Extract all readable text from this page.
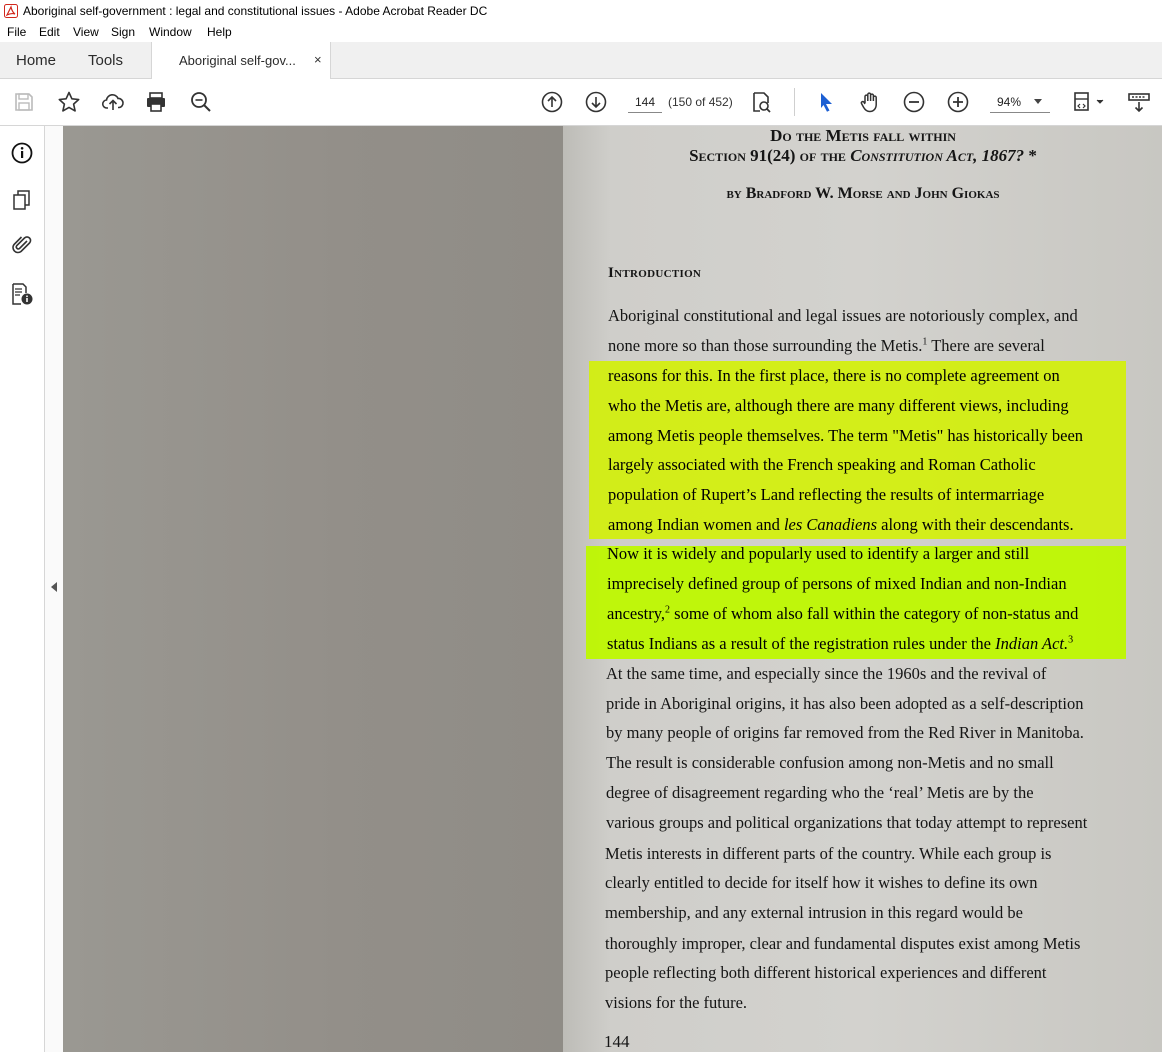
Aboriginal self-government : legal and constitutional issues - Adobe Acrobat Reader DC
File Edit View Sign Window Help
Home Tools	Aboriginal self-gov... ×
144
(150 of 452)	94%
Do the Metis fall within
Section 91(24) of the Constitution Act, 1867? *
by Bradford W. Morse and John Giokas
Introduction
Aboriginal constitutional and legal issues are notoriously complex, and
none more so than those surrounding the Metis.$^1$ There are several
reasons for this. In the first place, there is no complete agreement on
who the Metis are, although there are many different views, including
among Metis people themselves. The term "Metis" has historically been
largely associated with the French speaking and Roman Catholic
population of Rupert’s Land reflecting the results of intermarriage
among Indian women and les Canadiens along with their descendants.
Now it is widely and popularly used to identify a larger and still
imprecisely defined group of persons of mixed Indian and non-Indian
ancestry,$^2$ some of whom also fall within the category of non-status and
status Indians as a result of the registration rules under the Indian Act.$^3$
At the same time, and especially since the 1960s and the revival of
pride in Aboriginal origins, it has also been adopted as a self-description
by many people of origins far removed from the Red River in Manitoba.
The result is considerable confusion among non-Metis and no small
degree of disagreement regarding who the ‘real’ Metis are by the
various groups and political organizations that today attempt to represent
Metis interests in different parts of the country. While each group is
clearly entitled to decide for itself how it wishes to define its own
membership, and any external intrusion in this regard would be
thoroughly improper, clear and fundamental disputes exist among Metis
people reflecting both different historical experiences and different
visions for the future.
144
